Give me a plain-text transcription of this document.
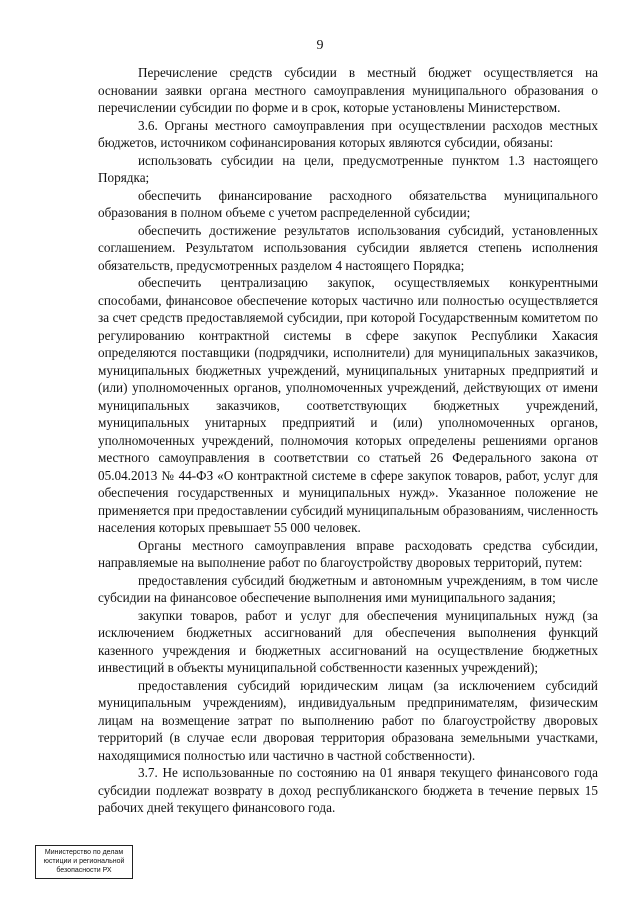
9

Перечисление средств субсидии в местный бюджет осуществляется на основании заявки органа местного самоуправления муниципального образования о перечислении субсидии по форме и в срок, которые установлены Министерством.

3.6. Органы местного самоуправления при осуществлении расходов местных бюджетов, источником софинансирования которых являются субсидии, обязаны:

использовать субсидии на цели, предусмотренные пунктом 1.3 настоящего Порядка;

обеспечить финансирование расходного обязательства муниципального образования в полном объеме с учетом распределенной субсидии;

обеспечить достижение результатов использования субсидий, установленных соглашением. Результатом использования субсидии является степень исполнения обязательств, предусмотренных разделом 4 настоящего Порядка;

обеспечить централизацию закупок, осуществляемых конкурентными способами, финансовое обеспечение которых частично или полностью осуществляется за счет средств предоставляемой субсидии, при которой Государственным комитетом по регулированию контрактной системы в сфере закупок Республики Хакасия определяются поставщики (подрядчики, исполнители) для муниципальных заказчиков, муниципальных бюджетных учреждений, муниципальных унитарных предприятий и (или) уполномоченных органов, уполномоченных учреждений, действующих от имени муниципальных заказчиков, соответствующих бюджетных учреждений, муниципальных унитарных предприятий и (или) уполномоченных органов, уполномоченных учреждений, полномочия которых определены решениями органов местного самоуправления в соответствии со статьей 26 Федерального закона от 05.04.2013 № 44-ФЗ «О контрактной системе в сфере закупок товаров, работ, услуг для обеспечения государственных и муниципальных нужд». Указанное положение не применяется при предоставлении субсидий муниципальным образованиям, численность населения которых превышает 55 000 человек.

Органы местного самоуправления вправе расходовать средства субсидии, направляемые на выполнение работ по благоустройству дворовых территорий, путем:

предоставления субсидий бюджетным и автономным учреждениям, в том числе субсидии на финансовое обеспечение выполнения ими муниципального задания;

закупки товаров, работ и услуг для обеспечения муниципальных нужд (за исключением бюджетных ассигнований для обеспечения выполнения функций казенного учреждения и бюджетных ассигнований на осуществление бюджетных инвестиций в объекты муниципальной собственности казенных учреждений);

предоставления субсидий юридическим лицам (за исключением субсидий муниципальным учреждениям), индивидуальным предпринимателям, физическим лицам на возмещение затрат по выполнению работ по благоустройству дворовых территорий (в случае если дворовая территория образована земельными участками, находящимися полностью или частично в частной собственности).

3.7. Не использованные по состоянию на 01 января текущего финансового года субсидии подлежат возврату в доход республиканского бюджета в течение первых 15 рабочих дней текущего финансового года.

Министерство по делам
юстиции и региональной
безопасности РХ
